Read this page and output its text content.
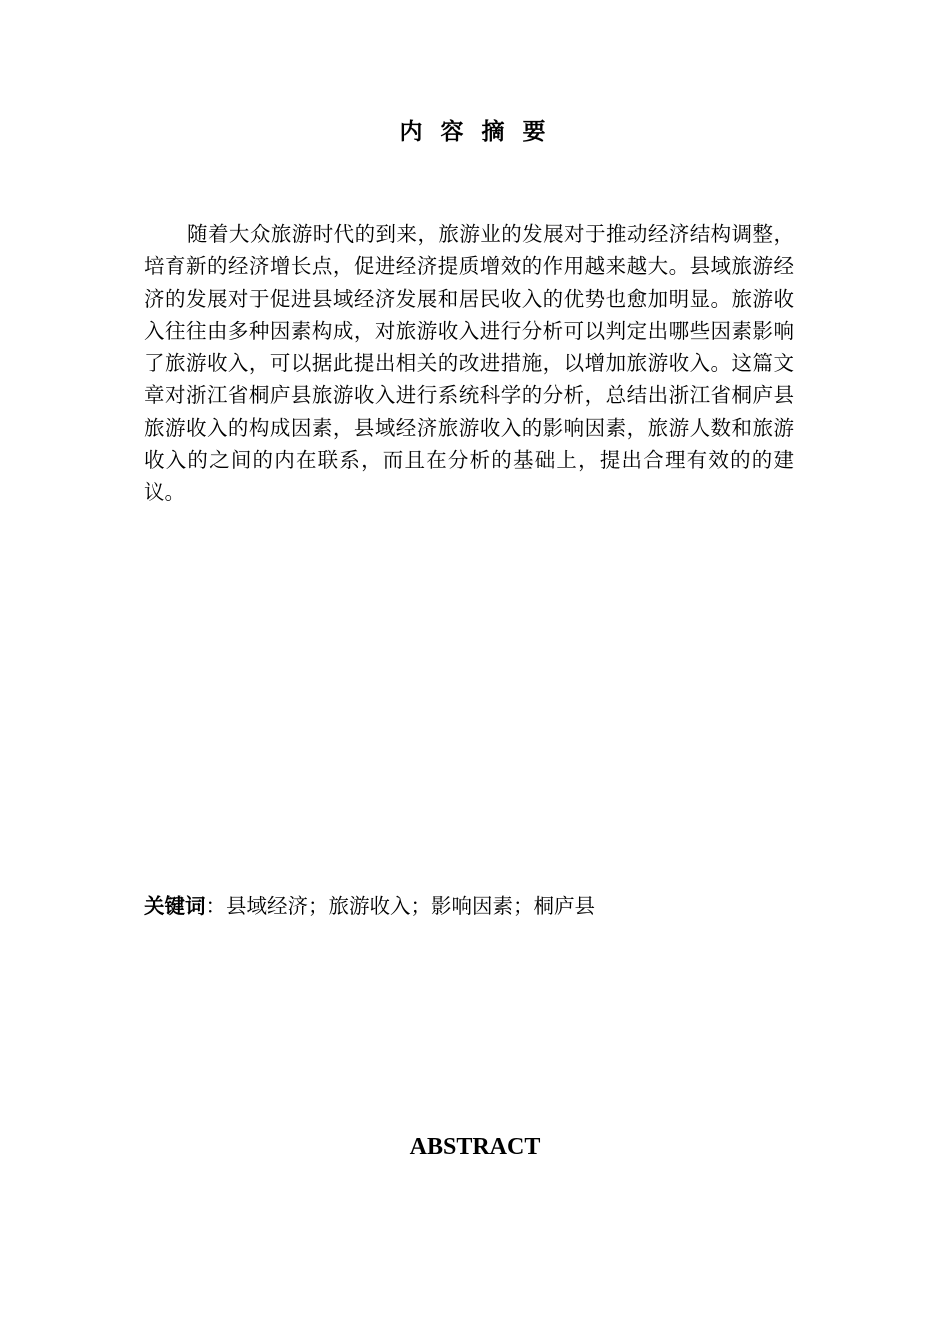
内 容 摘 要

随着大众旅游时代的到来，旅游业的发展对于推动经济结构调整，培育新的经济增长点，促进经济提质增效的作用越来越大。县域旅游经济的发展对于促进县域经济发展和居民收入的优势也愈加明显。旅游收入往往由多种因素构成，对旅游收入进行分析可以判定出哪些因素影响了旅游收入，可以据此提出相关的改进措施，以增加旅游收入。这篇文章对浙江省桐庐县旅游收入进行系统科学的分析，总结出浙江省桐庐县旅游收入的构成因素，县域经济旅游收入的影响因素，旅游人数和旅游收入的之间的内在联系，而且在分析的基础上，提出合理有效的的建议。

关键词：县域经济；旅游收入；影响因素；桐庐县

ABSTRACT
